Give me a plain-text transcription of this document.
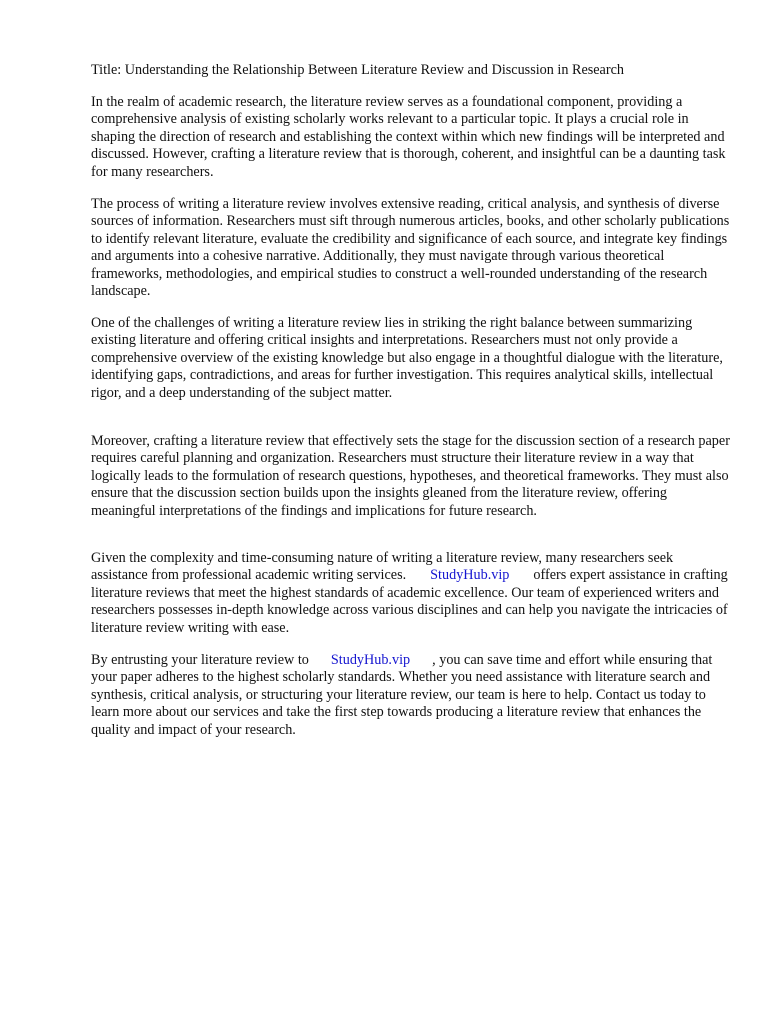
Title: Understanding the Relationship Between Literature Review and Discussion in Research

In the realm of academic research, the literature review serves as a foundational component, providing a comprehensive analysis of existing scholarly works relevant to a particular topic. It plays a crucial role in shaping the direction of research and establishing the context within which new findings will be interpreted and discussed. However, crafting a literature review that is thorough, coherent, and insightful can be a daunting task for many researchers.

The process of writing a literature review involves extensive reading, critical analysis, and synthesis of diverse sources of information. Researchers must sift through numerous articles, books, and other scholarly publications to identify relevant literature, evaluate the credibility and significance of each source, and integrate key findings and arguments into a cohesive narrative. Additionally, they must navigate through various theoretical frameworks, methodologies, and empirical studies to construct a well-rounded understanding of the research landscape.

One of the challenges of writing a literature review lies in striking the right balance between summarizing existing literature and offering critical insights and interpretations. Researchers must not only provide a comprehensive overview of the existing knowledge but also engage in a thoughtful dialogue with the literature, identifying gaps, contradictions, and areas for further investigation. This requires analytical skills, intellectual rigor, and a deep understanding of the subject matter.

Moreover, crafting a literature review that effectively sets the stage for the discussion section of a research paper requires careful planning and organization. Researchers must structure their literature review in a way that logically leads to the formulation of research questions, hypotheses, and theoretical frameworks. They must also ensure that the discussion section builds upon the insights gleaned from the literature review, offering meaningful interpretations of the findings and implications for future research.

Given the complexity and time-consuming nature of writing a literature review, many researchers seek assistance from professional academic writing services. StudyHub.vip offers expert assistance in crafting literature reviews that meet the highest standards of academic excellence. Our team of experienced writers and researchers possesses in-depth knowledge across various disciplines and can help you navigate the intricacies of literature review writing with ease.

By entrusting your literature review to StudyHub.vip , you can save time and effort while ensuring that your paper adheres to the highest scholarly standards. Whether you need assistance with literature search and synthesis, critical analysis, or structuring your literature review, our team is here to help. Contact us today to learn more about our services and take the first step towards producing a literature review that enhances the quality and impact of your research.
